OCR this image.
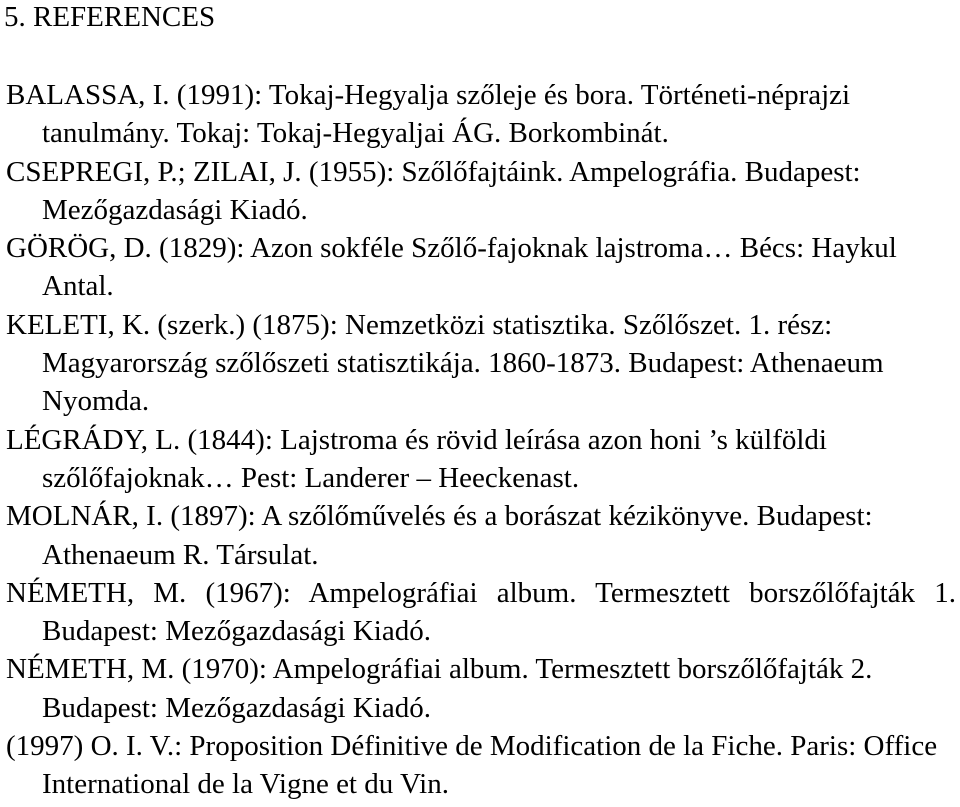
5. REFERENCES
BALASSA, I. (1991): Tokaj-Hegyalja szőleje és bora. Történeti-néprajzi tanulmány. Tokaj: Tokaj-Hegyaljai ÁG. Borkombinát.
CSEPREGI, P.; ZILAI, J. (1955): Szőlőfajtáink. Ampelográfia. Budapest: Mezőgazdasági Kiadó.
GÖRÖG, D. (1829): Azon sokféle Szőlő-fajoknak lajstroma… Bécs: Haykul Antal.
KELETI, K. (szerk.) (1875): Nemzetközi statisztika. Szőlőszet. 1. rész: Magyarország szőlőszeti statisztikája. 1860-1873. Budapest: Athenaeum Nyomda.
LÉGRÁDY, L. (1844): Lajstroma és rövid leírása azon honi ’s külföldi szőlőfajoknak… Pest: Landerer – Heeckenast.
MOLNÁR, I. (1897): A szőlőművelés és a borászat kézikönyve. Budapest: Athenaeum R. Társulat.
NÉMETH, M. (1967): Ampelográfiai album. Termesztett borszőlőfajták 1. Budapest: Mezőgazdasági Kiadó.
NÉMETH, M. (1970): Ampelográfiai album. Termesztett borszőlőfajták 2. Budapest: Mezőgazdasági Kiadó.
(1997) O. I. V.: Proposition Définitive de Modification de la Fiche. Paris: Office International de la Vigne et du Vin.
